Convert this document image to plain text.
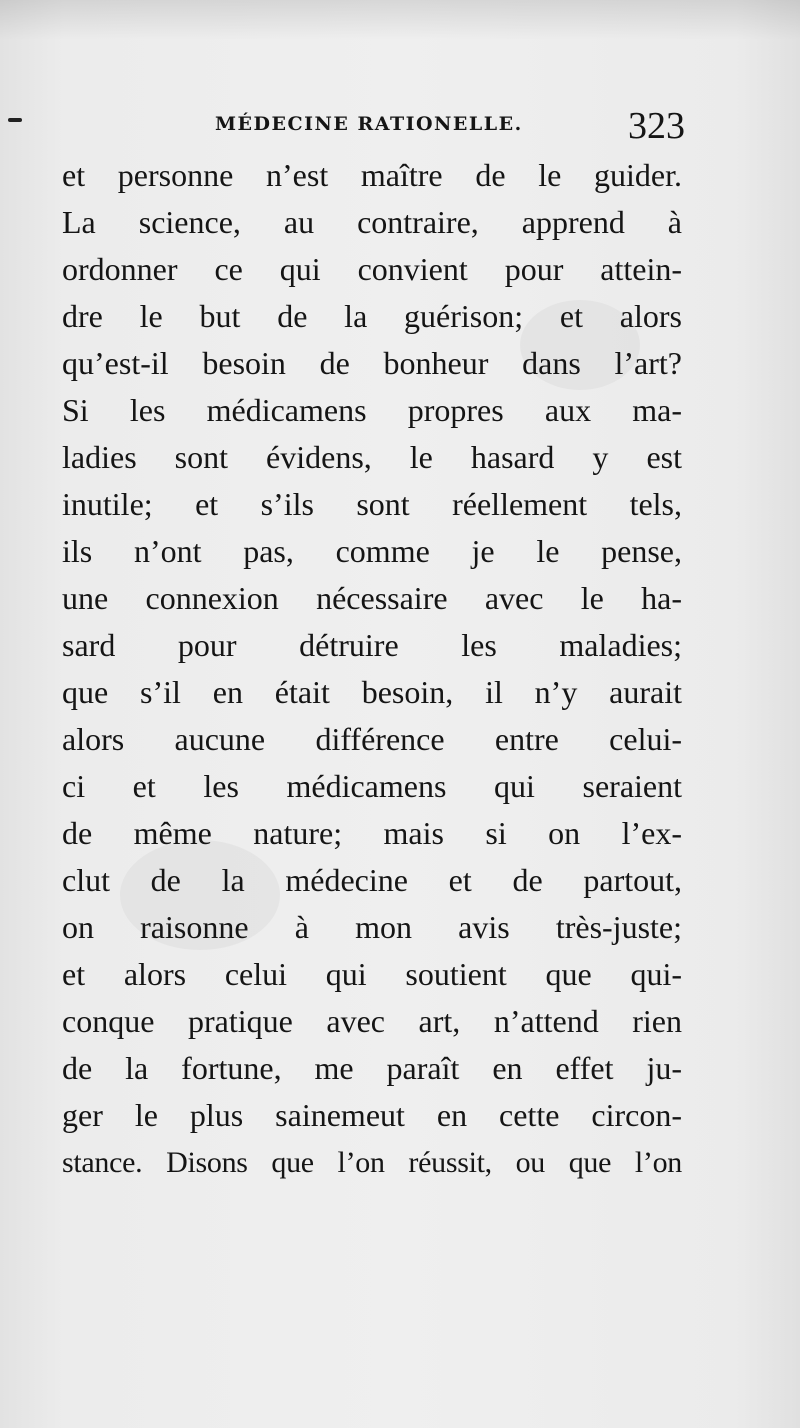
MÉDECINE RATIONELLE.	323
et personne n’est maître de le guider.
La science, au contraire, apprend à
ordonner ce qui convient pour attein-
dre le but de la guérison; et alors
qu’est-il besoin de bonheur dans l’art?
Si les médicamens propres aux ma-
ladies sont évidens, le hasard y est
inutile; et s’ils sont réellement tels,
ils n’ont pas, comme je le pense,
une connexion nécessaire avec le ha-
sard pour détruire les maladies;
que s’il en était besoin, il n’y aurait
alors aucune différence entre celui-
ci et les médicamens qui seraient
de même nature; mais si on l’ex-
clut de la médecine et de partout,
on raisonne à mon avis très-juste;
et alors celui qui soutient que qui-
conque pratique avec art, n’attend rien
de la fortune, me paraît en effet ju-
ger le plus sainemeut en cette circon-
stance. Disons que l’on réussit, ou que l’on
